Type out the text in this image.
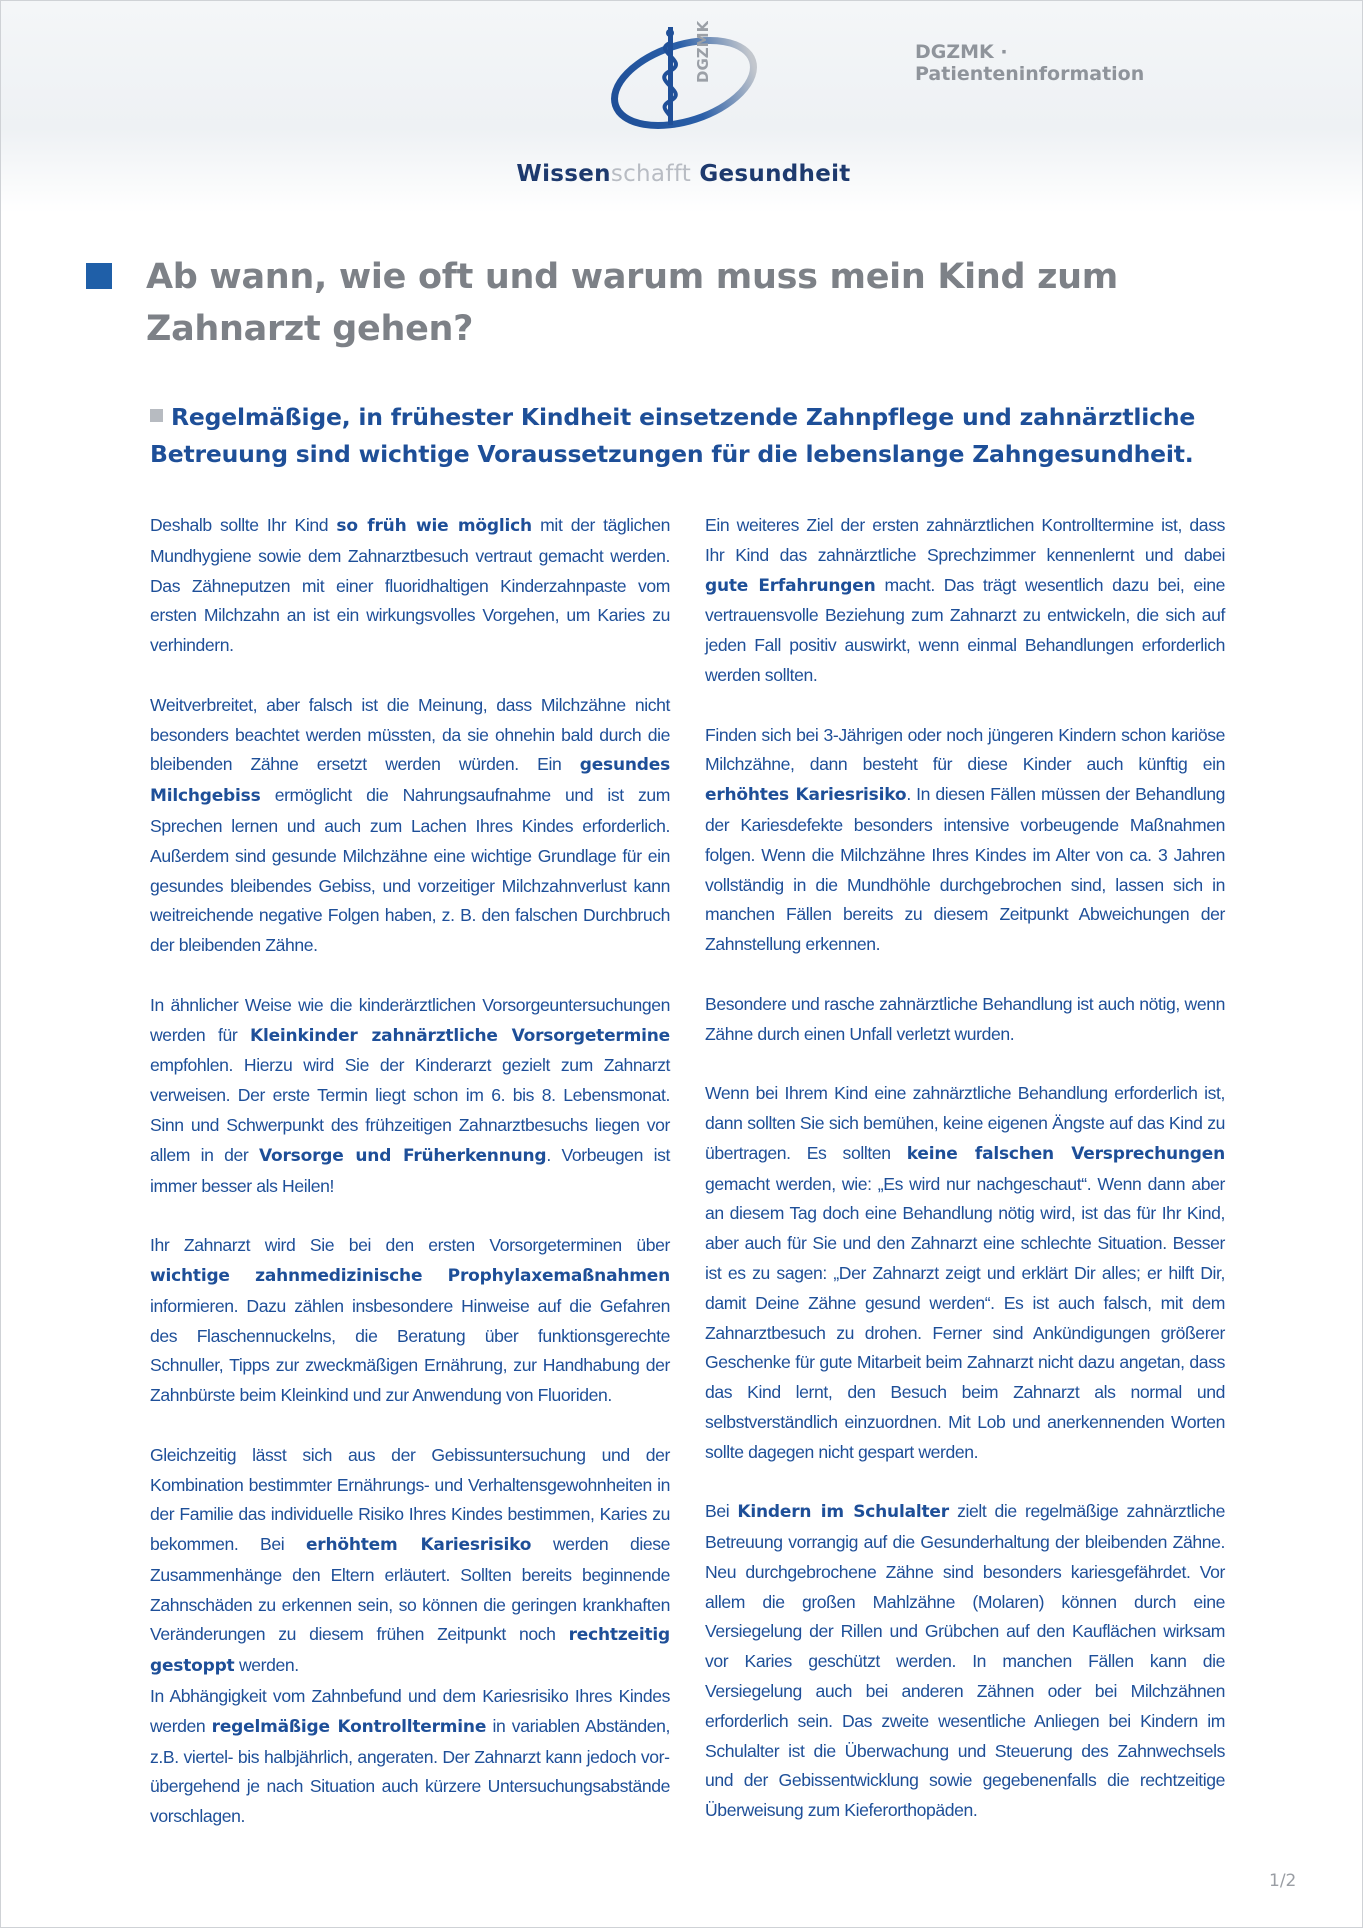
DGZMK
Wissenschafft Gesundheit
DGZMK · Patienteninformation
Ab wann, wie oft und warum muss mein Kind zum Zahnarzt gehen?
Regelmäßige, in frühester Kindheit einsetzende Zahnpflege und zahnärztliche Betreuung sind wichtige Voraussetzungen für die lebenslange Zahngesundheit.

Deshalb sollte Ihr Kind so früh wie möglich mit der täglichen Mundhygiene sowie dem Zahnarztbesuch vertraut gemacht werden. Das Zähneputzen mit einer fluoridhaltigen Kinderzahnpaste vom ersten Milchzahn an ist ein wirkungsvolles Vorgehen, um Karies zu verhindern.

Weitverbreitet, aber falsch ist die Meinung, dass Milchzähne nicht besonders beachtet werden müssten, da sie ohnehin bald durch die bleibenden Zähne ersetzt werden würden. Ein gesundes Milchgebiss ermöglicht die Nahrungsaufnahme und ist zum Sprechen lernen und auch zum Lachen Ihres Kindes erforderlich. Außerdem sind gesunde Milchzähne eine wichtige Grundlage für ein gesundes bleibendes Gebiss, und vorzeitiger Milchzahnverlust kann weitreichende negative Folgen haben, z. B. den falschen Durchbruch der bleibenden Zähne.

In ähnlicher Weise wie die kinderärztlichen Vorsorgeuntersuchungen werden für Kleinkinder zahnärztliche Vorsorgetermine empfohlen. Hierzu wird Sie der Kinderarzt gezielt zum Zahnarzt verweisen. Der erste Termin liegt schon im 6. bis 8. Lebensmonat. Sinn und Schwerpunkt des frühzeitigen Zahnarztbesuchs liegen vor allem in der Vorsorge und Früherkennung. Vorbeugen ist immer besser als Heilen!

Ihr Zahnarzt wird Sie bei den ersten Vorsorgeterminen über wichtige zahnmedizinische Prophylaxemaßnahmen informieren. Dazu zählen insbesondere Hinweise auf die Gefahren des Flaschennuckelns, die Beratung über funktionsgerechte Schnuller, Tipps zur zweckmäßigen Ernährung, zur Handhabung der Zahnbürste beim Kleinkind und zur Anwendung von Fluoriden.

Gleichzeitig lässt sich aus der Gebissuntersuchung und der Kombination bestimmter Ernährungs- und Verhaltensgewohnheiten in der Familie das individuelle Risiko Ihres Kindes bestimmen, Karies zu bekommen. Bei erhöhtem Kariesrisiko werden diese Zusammenhänge den Eltern erläutert. Sollten bereits beginnende Zahnschäden zu erkennen sein, so können die geringen krankhaften Veränderungen zu diesem frühen Zeitpunkt noch rechtzeitig gestoppt werden.

In Abhängigkeit vom Zahnbefund und dem Kariesrisiko Ihres Kindes werden regelmäßige Kontrolltermine in variablen Abständen, z.B. viertel- bis halbjährlich, angeraten. Der Zahnarzt kann jedoch vorübergehend je nach Situation auch kürzere Untersuchungsabstände vorschlagen.

Ein weiteres Ziel der ersten zahnärztlichen Kontrolltermine ist, dass Ihr Kind das zahnärztliche Sprechzimmer kennenlernt und dabei gute Erfahrungen macht. Das trägt wesentlich dazu bei, eine vertrauensvolle Beziehung zum Zahnarzt zu entwickeln, die sich auf jeden Fall positiv auswirkt, wenn einmal Behandlungen erforderlich werden sollten.

Finden sich bei 3-Jährigen oder noch jüngeren Kindern schon kariöse Milchzähne, dann besteht für diese Kinder auch künftig ein erhöhtes Kariesrisiko. In diesen Fällen müssen der Behandlung der Kariesdefekte besonders intensive vorbeugende Maßnahmen folgen. Wenn die Milchzähne Ihres Kindes im Alter von ca. 3 Jahren vollständig in die Mundhöhle durchgebrochen sind, lassen sich in manchen Fällen bereits zu diesem Zeitpunkt Abweichungen der Zahnstellung erkennen.

Besondere und rasche zahnärztliche Behandlung ist auch nötig, wenn Zähne durch einen Unfall verletzt wurden.

Wenn bei Ihrem Kind eine zahnärztliche Behandlung erforderlich ist, dann sollten Sie sich bemühen, keine eigenen Ängste auf das Kind zu übertragen. Es sollten keine falschen Versprechungen gemacht werden, wie: „Es wird nur nachgeschaut“. Wenn dann aber an diesem Tag doch eine Behandlung nötig wird, ist das für Ihr Kind, aber auch für Sie und den Zahnarzt eine schlechte Situation. Besser ist es zu sagen: „Der Zahnarzt zeigt und erklärt Dir alles; er hilft Dir, damit Deine Zähne gesund werden“. Es ist auch falsch, mit dem Zahnarztbesuch zu drohen. Ferner sind Ankündigungen größerer Geschenke für gute Mitarbeit beim Zahnarzt nicht dazu angetan, dass das Kind lernt, den Besuch beim Zahnarzt als normal und selbstverständlich einzuordnen. Mit Lob und anerkennenden Worten sollte dagegen nicht gespart werden.

Bei Kindern im Schulalter zielt die regelmäßige zahnärztliche Betreuung vorrangig auf die Gesunderhaltung der bleibenden Zähne. Neu durchgebrochene Zähne sind besonders kariesgefährdet. Vor allem die großen Mahlzähne (Molaren) können durch eine Versiegelung der Rillen und Grübchen auf den Kauflächen wirksam vor Karies geschützt werden. In manchen Fällen kann die Versiegelung auch bei anderen Zähnen oder bei Milchzähnen erforderlich sein. Das zweite wesentliche Anliegen bei Kindern im Schulalter ist die Überwachung und Steuerung des Zahnwechsels und der Gebissentwicklung sowie gegebenenfalls die rechtzeitige Überweisung zum Kieferorthopäden.

1/2
